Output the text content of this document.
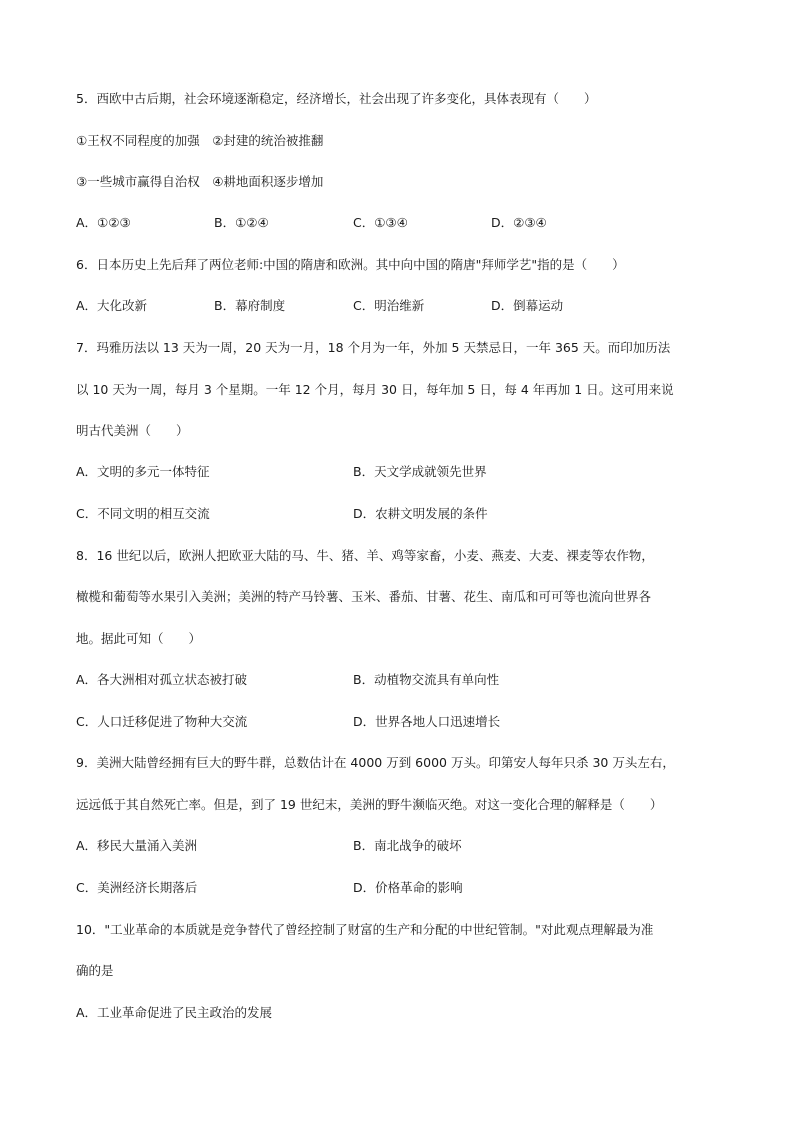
5．西欧中古后期，社会环境逐渐稳定，经济增长，社会出现了许多变化，具体表现有（　　）
①王权不同程度的加强　②封建的统治被推翻
③一些城市赢得自治权　④耕地面积逐步增加
A．①②③	B．①②④	C．①③④	D．②③④
6．日本历史上先后拜了两位老师:中国的隋唐和欧洲。其中向中国的隋唐"拜师学艺"指的是（　　）
A．大化改新	B．幕府制度	C．明治维新	D．倒幕运动
7．玛雅历法以 13 天为一周，20 天为一月，18 个月为一年，外加 5 天禁忌日，一年 365 天。而印加历法
以 10 天为一周，每月 3 个星期。一年 12 个月，每月 30 日，每年加 5 日，每 4 年再加 1 日。这可用来说
明古代美洲（　　）
A．文明的多元一体特征	B．天文学成就领先世界
C．不同文明的相互交流	D．农耕文明发展的条件
8．16 世纪以后，欧洲人把欧亚大陆的马、牛、猪、羊、鸡等家畜，小麦、燕麦、大麦、裸麦等农作物，
橄榄和葡萄等水果引入美洲；美洲的特产马铃薯、玉米、番茄、甘薯、花生、南瓜和可可等也流向世界各
地。据此可知（　　）
A．各大洲相对孤立状态被打破	B．动植物交流具有单向性
C．人口迁移促进了物种大交流	D．世界各地人口迅速增长
9．美洲大陆曾经拥有巨大的野牛群，总数估计在 4000 万到 6000 万头。印第安人每年只杀 30 万头左右，
远远低于其自然死亡率。但是，到了 19 世纪末，美洲的野牛濒临灭绝。对这一变化合理的解释是（　　）
A．移民大量涌入美洲	B．南北战争的破坏
C．美洲经济长期落后	D．价格革命的影响
10．"工业革命的本质就是竞争替代了曾经控制了财富的生产和分配的中世纪管制。"对此观点理解最为准
确的是
A．工业革命促进了民主政治的发展
